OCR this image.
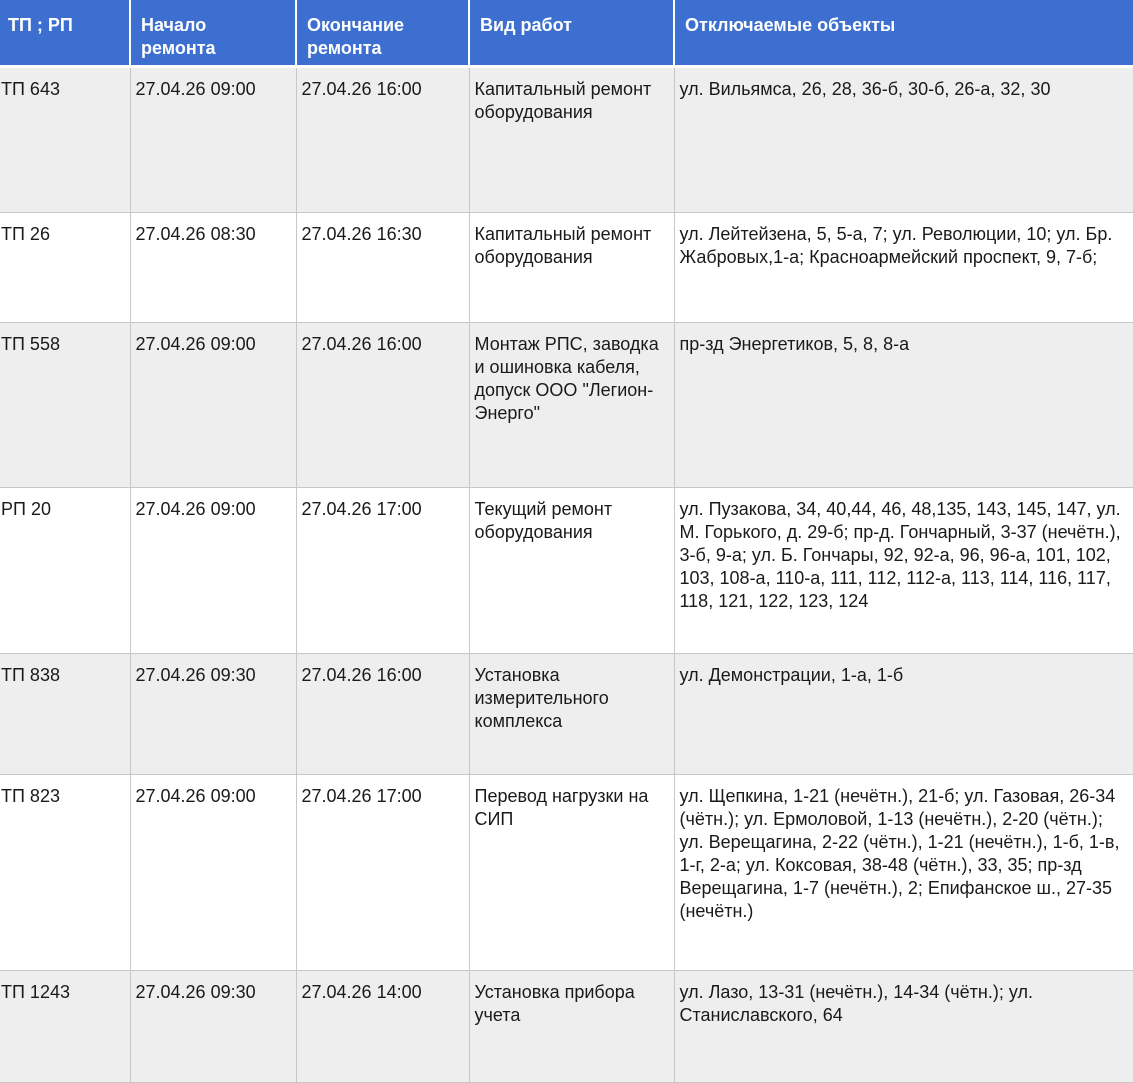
ТП ; РП	Начало ремонта	Окончание ремонта	Вид работ	Отключаемые объекты
ТП 643	27.04.26 09:00	27.04.26 16:00	Капитальный ремонт оборудования	ул. Вильямса, 26, 28, 36-б, 30-б, 26-а, 32, 30
ТП 26	27.04.26 08:30	27.04.26 16:30	Капитальный ремонт оборудования	ул. Лейтейзена, 5, 5-а, 7; ул. Революции, 10; ул. Бр. Жабровых,1-а; Красноармейский проспект, 9, 7-б;
ТП 558	27.04.26 09:00	27.04.26 16:00	Монтаж РПС, заводка и ошиновка кабеля, допуск ООО "Легион-Энерго"	пр-зд Энергетиков, 5, 8, 8-а
РП 20	27.04.26 09:00	27.04.26 17:00	Текущий ремонт оборудования	ул. Пузакова, 34, 40,44, 46, 48,135, 143, 145, 147, ул. М. Горького, д. 29-б; пр-д. Гончарный, 3-37 (нечётн.), 3-б, 9-а; ул. Б. Гончары, 92, 92-а, 96, 96-а, 101, 102, 103, 108-а, 110-а, 111, 112, 112-а, 113, 114, 116, 117, 118, 121, 122, 123, 124
ТП 838	27.04.26 09:30	27.04.26 16:00	Установка измерительного комплекса	ул. Демонстрации, 1-а, 1-б
ТП 823	27.04.26 09:00	27.04.26 17:00	Перевод нагрузки на СИП	ул. Щепкина, 1-21 (нечётн.), 21-б; ул. Газовая, 26-34 (чётн.); ул. Ермоловой, 1-13 (нечётн.), 2-20 (чётн.); ул. Верещагина, 2-22 (чётн.), 1-21 (нечётн.), 1-б, 1-в, 1-г, 2-а; ул. Коксовая, 38-48 (чётн.), 33, 35; пр-зд Верещагина, 1-7 (нечётн.), 2; Епифанское ш., 27-35 (нечётн.)
ТП 1243	27.04.26 09:30	27.04.26 14:00	Установка прибора учета	ул. Лазо, 13-31 (нечётн.), 14-34 (чётн.); ул. Станиславского, 64
